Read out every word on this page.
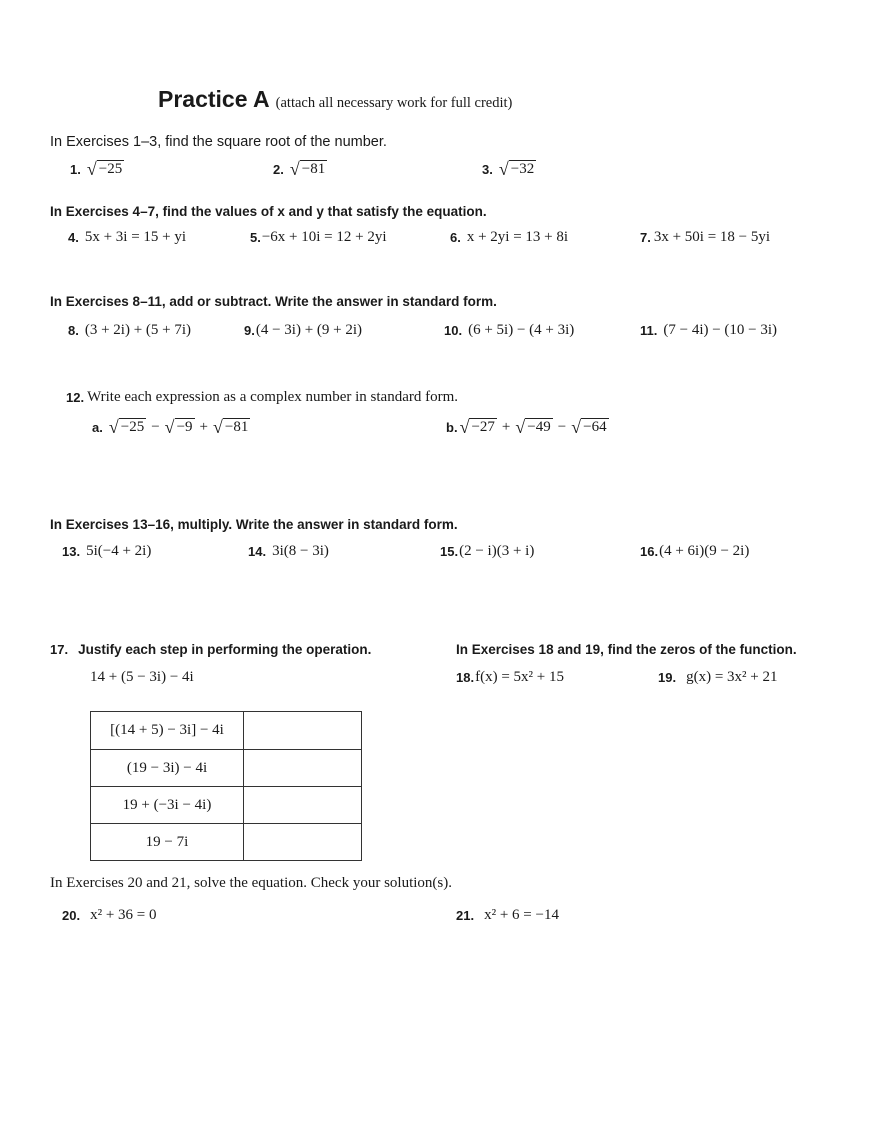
Practice A (attach all necessary work for full credit)
In Exercises 1–3, find the square root of the number.
1. √ −25	2. √ −81	3. √ −32
In Exercises 4–7, find the values of x and y that satisfy the equation.
4. 5x + 3i = 15 + yi	5. −6x + 10i = 12 + 2yi	6. x + 2yi = 13 + 8i	7. 3x + 50i = 18 − 5yi
In Exercises 8–11, add or subtract. Write the answer in standard form.
8. (3 + 2i) + (5 + 7i)	9. (4 − 3i) + (9 + 2i)	10. (6 + 5i) − (4 + 3i)	11. (7 − 4i) − (10 − 3i)
12. Write each expression as a complex number in standard form.
a. √ −25 − √ −9 + √ −81	b. √ −27 + √ −49 − √ −64
In Exercises 13–16, multiply. Write the answer in standard form.
13. 5i(−4 + 2i)	14. 3i(8 − 3i)	15. (2 − i)(3 + i)	16. (4 + 6i)(9 − 2i)
17. Justify each step in performing the operation.
14 + (5 − 3i) − 4i
[(14 + 5) − 3i] − 4i	
(19 − 3i) − 4i	
19 + (−3i − 4i)	
19 − 7i	
In Exercises 18 and 19, find the zeros of the function.
18. f(x) = 5x² + 15	19. g(x) = 3x² + 21
In Exercises 20 and 21, solve the equation. Check your solution(s).
20. x² + 36 = 0	21. x² + 6 = −14
